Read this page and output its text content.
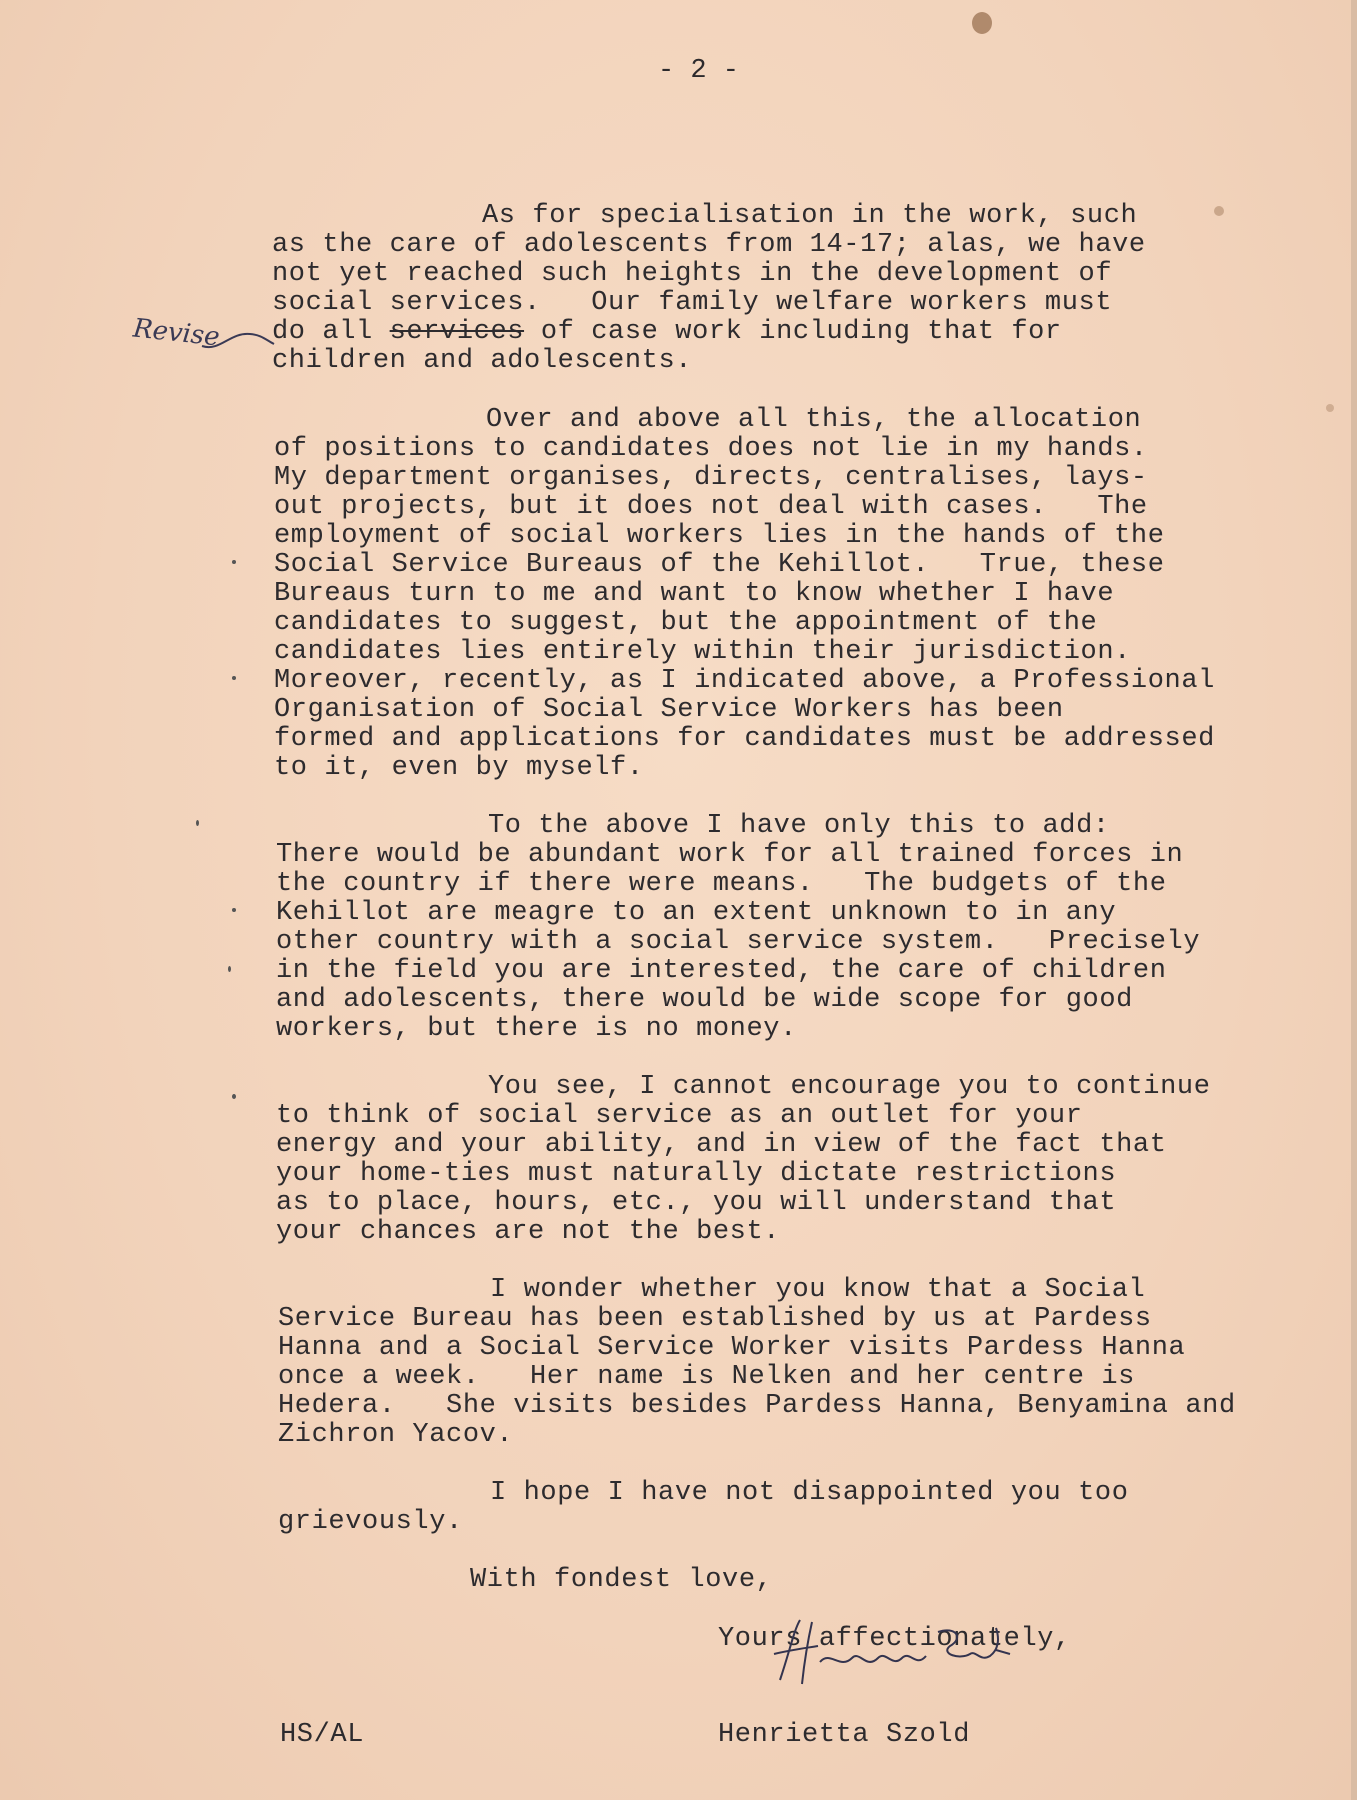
- 2 -
Revise
As for specialisation in the work, such
as the care of adolescents from 14-17; alas, we have
not yet reached such heights in the development of
social services.   Our family welfare workers must
do all services of case work including that for
children and adolescents.
Over and above all this, the allocation
of positions to candidates does not lie in my hands.
My department organises, directs, centralises, lays-
out projects, but it does not deal with cases.   The
employment of social workers lies in the hands of the
Social Service Bureaus of the Kehillot.   True, these
Bureaus turn to me and want to know whether I have
candidates to suggest, but the appointment of the
candidates lies entirely within their jurisdiction.
Moreover, recently, as I indicated above, a Professional
Organisation of Social Service Workers has been
formed and applications for candidates must be addressed
to it, even by myself.
To the above I have only this to add:
There would be abundant work for all trained forces in
the country if there were means.   The budgets of the
Kehillot are meagre to an extent unknown to in any
other country with a social service system.   Precisely
in the field you are interested, the care of children
and adolescents, there would be wide scope for good
workers, but there is no money.
You see, I cannot encourage you to continue
to think of social service as an outlet for your
energy and your ability, and in view of the fact that
your home-ties must naturally dictate restrictions
as to place, hours, etc., you will understand that
your chances are not the best.
I wonder whether you know that a Social
Service Bureau has been established by us at Pardess
Hanna and a Social Service Worker visits Pardess Hanna
once a week.   Her name is Nelken and her centre is
Hedera.   She visits besides Pardess Hanna, Benyamina and
Zichron Yacov.
I hope I have not disappointed you too
grievously.
With fondest love,
Yours affectionately,
HS/AL	Henrietta Szold
